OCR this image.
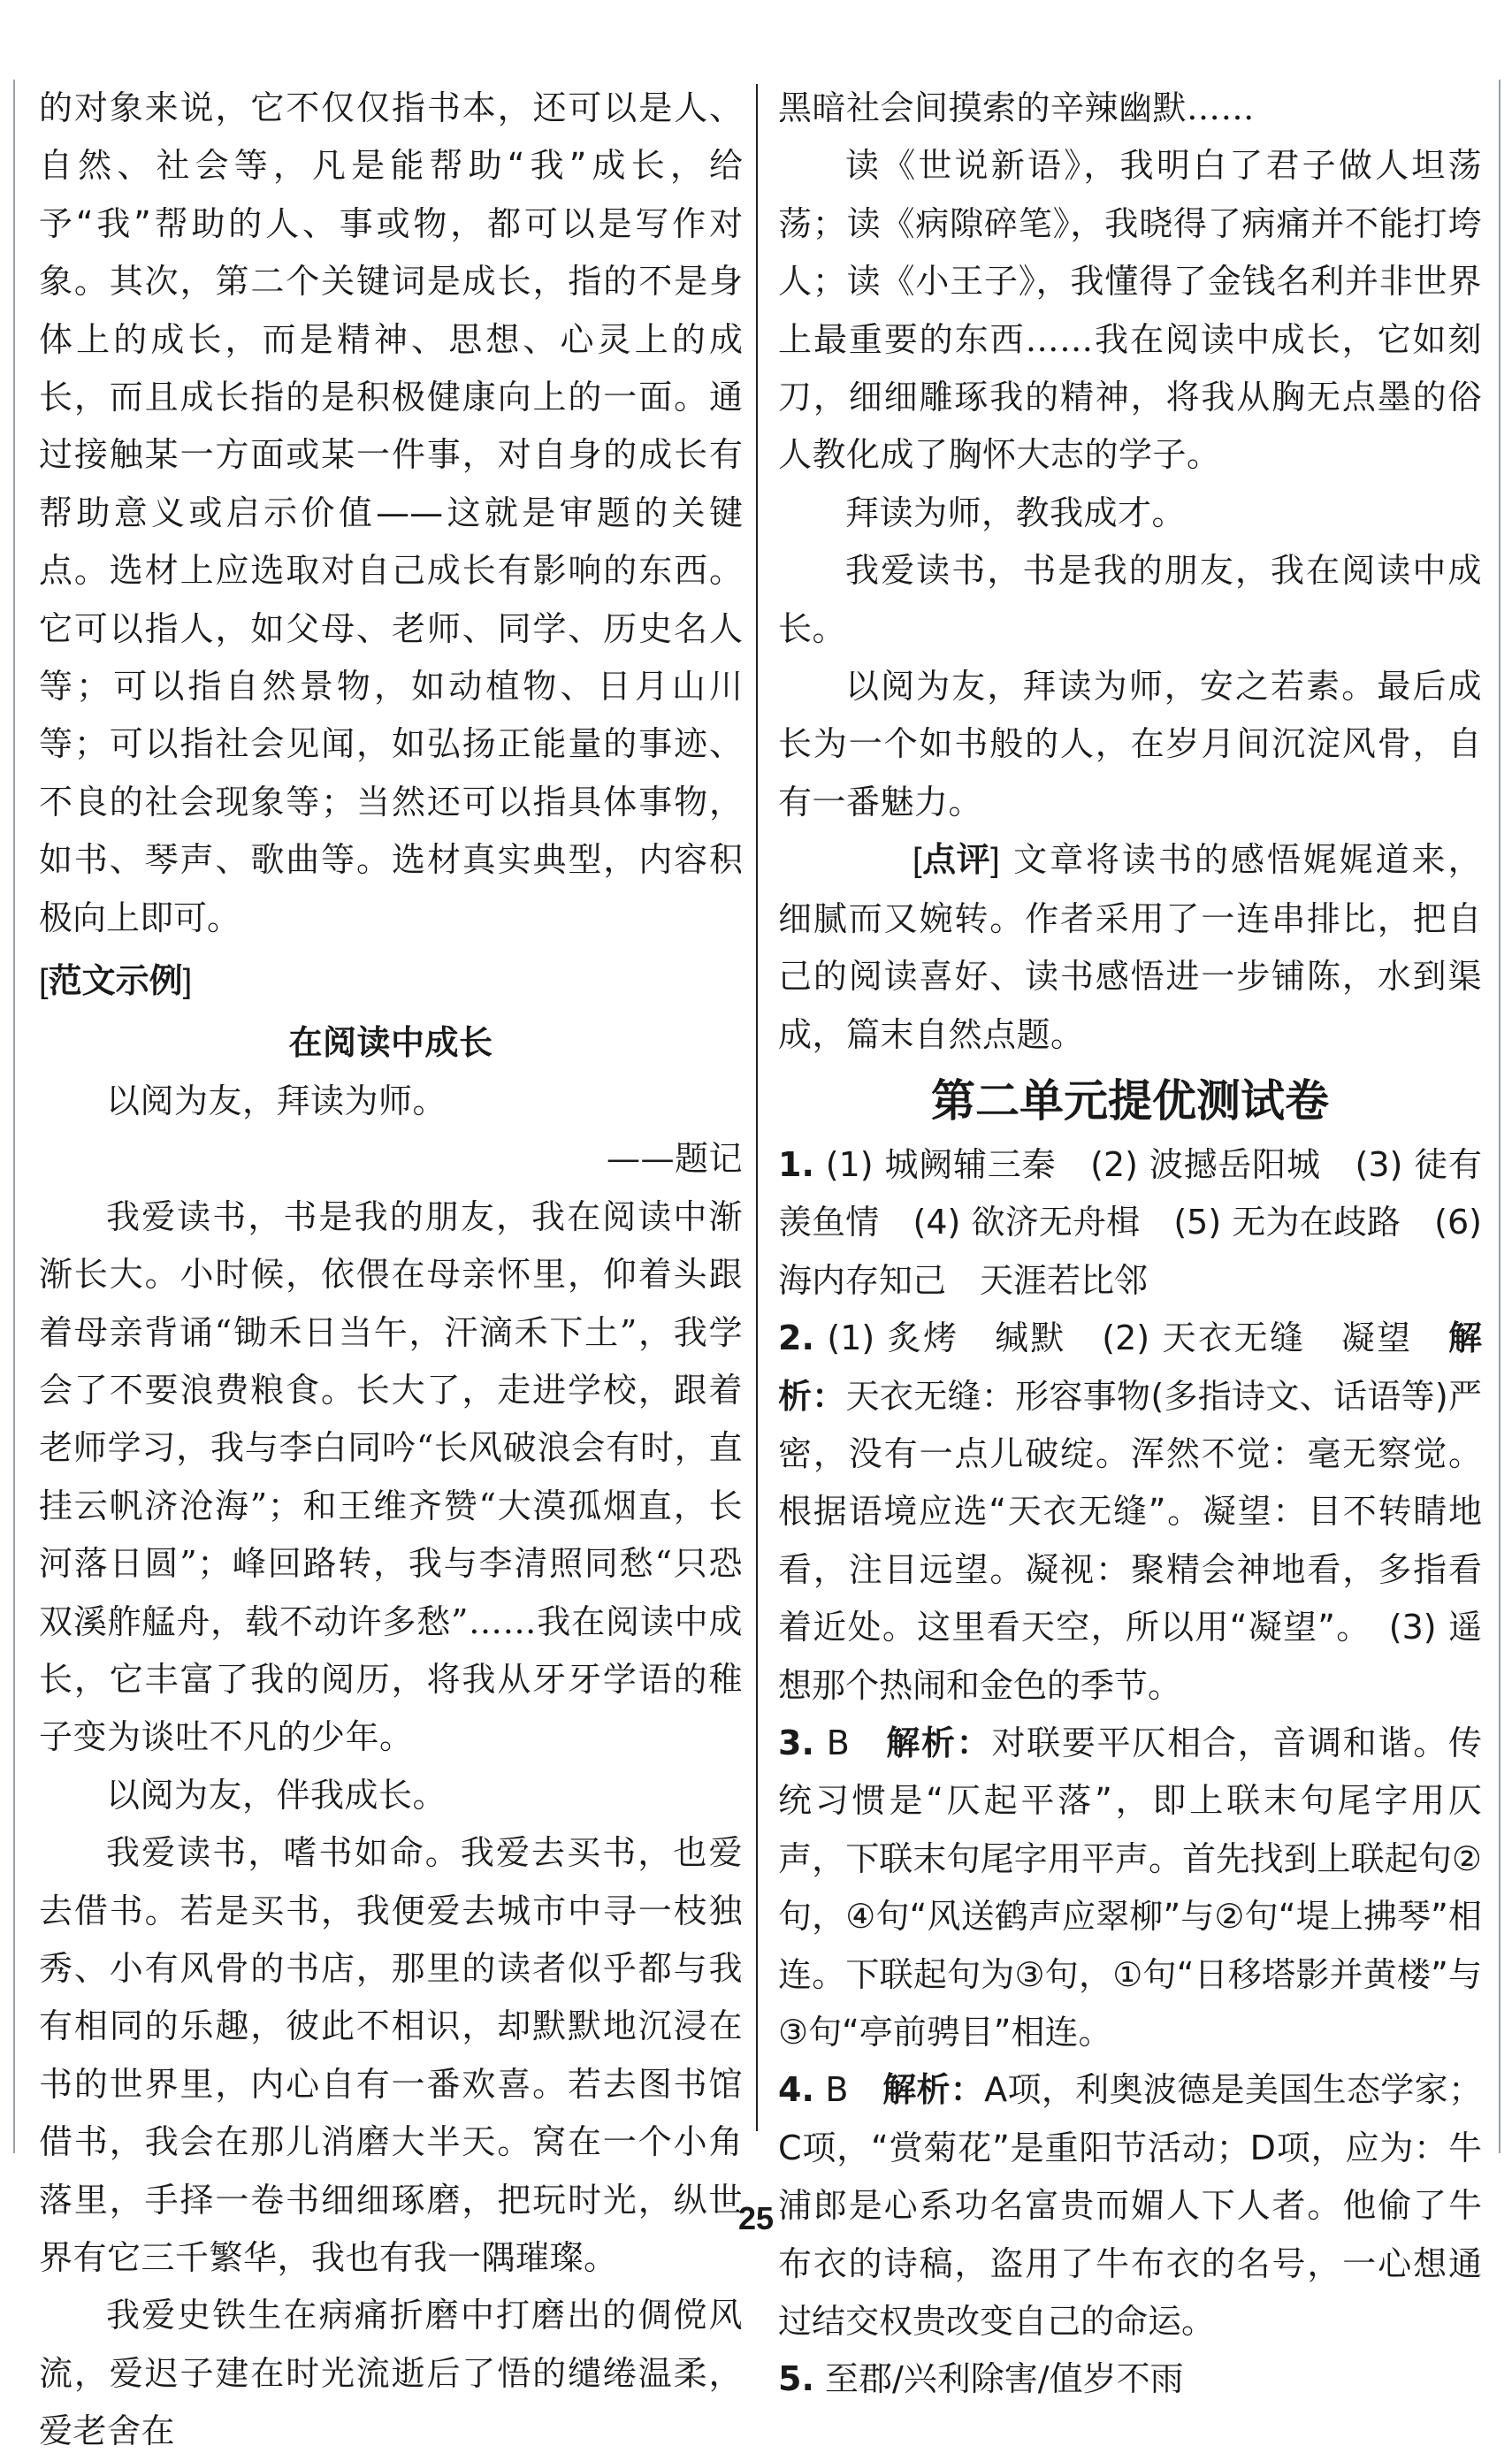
的对象来说，它不仅仅指书本，还可以是人、自然、社会等，凡是能帮助“我”成长，给予“我”帮助的人、事或物，都可以是写作对象。其次，第二个关键词是成长，指的不是身体上的成长，而是精神、思想、心灵上的成长，而且成长指的是积极健康向上的一面。通过接触某一方面或某一件事，对自身的成长有帮助意义或启示价值——这就是审题的关键点。选材上应选取对自己成长有影响的东西。它可以指人，如父母、老师、同学、历史名人等；可以指自然景物，如动植物、日月山川等；可以指社会见闻，如弘扬正能量的事迹、不良的社会现象等；当然还可以指具体事物，如书、琴声、歌曲等。选材真实典型，内容积极向上即可。

[ 范文示例 ]

在阅读中成长

以阅为友，拜读为师。

——题记

我爱读书，书是我的朋友，我在阅读中渐渐长大。小时候，依偎在母亲怀里，仰着头跟着母亲背诵“锄禾日当午，汗滴禾下土”，我学会了不要浪费粮食。长大了，走进学校，跟着老师学习，我与李白同吟“长风破浪会有时，直挂云帆济沧海”；和王维齐赞“大漠孤烟直，长河落日圆”；峰回路转，我与李清照同愁“只恐双溪舴艋舟，载不动许多愁”……我在阅读中成长，它丰富了我的阅历，将我从牙牙学语的稚子变为谈吐不凡的少年。

以阅为友，伴我成长。

我爱读书，嗜书如命。我爱去买书，也爱去借书。若是买书，我便爱去城市中寻一枝独秀、小有风骨的书店，那里的读者似乎都与我有相同的乐趣，彼此不相识，却默默地沉浸在书的世界里，内心自有一番欢喜。若去图书馆借书，我会在那儿消磨大半天。窝在一个小角落里，手择一卷书细细琢磨，把玩时光，纵世界有它三千繁华，我也有我一隅璀璨。

我爱史铁生在病痛折磨中打磨出的倜傥风流，爱迟子建在时光流逝后了悟的缱绻温柔，爱老舍在

黑暗社会间摸索的辛辣幽默……

读《世说新语》，我明白了君子做人坦荡荡；读《病隙碎笔》，我晓得了病痛并不能打垮人；读《小王子》，我懂得了金钱名利并非世界上最重要的东西……我在阅读中成长，它如刻刀，细细雕琢我的精神，将我从胸无点墨的俗人教化成了胸怀大志的学子。

拜读为师，教我成才。

我爱读书，书是我的朋友，我在阅读中成长。

以阅为友，拜读为师，安之若素。最后成长为一个如书般的人，在岁月间沉淀风骨，自有一番魅力。

[ 点评 ] 文章将读书的感悟娓娓道来，细腻而又婉转。作者采用了一连串排比，把自己的阅读喜好、读书感悟进一步铺陈，水到渠成，篇末自然点题。

第二单元提优测试卷

1. (1) 城阙辅三秦　(2) 波撼岳阳城　(3) 徒有羡鱼情　(4) 欲济无舟楫　(5) 无为在歧路　(6) 海内存知己　天涯若比邻

2. (1) 炙烤　缄默　(2) 天衣无缝　凝望　解析：天衣无缝：形容事物(多指诗文、话语等)严密，没有一点儿破绽。浑然不觉：毫无察觉。根据语境应选“天衣无缝”。凝望：目不转睛地看，注目远望。凝视：聚精会神地看，多指看着近处。这里看天空，所以用“凝望”。　(3) 遥想那个热闹和金色的季节。

3. B　解析：对联要平仄相合，音调和谐。传统习惯是“仄起平落”，即上联末句尾字用仄声，下联末句尾字用平声。首先找到上联起句②句，④句“风送鹤声应翠柳”与②句“堤上拂琴”相连。下联起句为③句，①句“日移塔影并黄楼”与③句“亭前骋目”相连。

4. B　解析：A项，利奥波德是美国生态学家；C项，“赏菊花”是重阳节活动；D项，应为：牛浦郎是心系功名富贵而媚人下人者。他偷了牛布衣的诗稿，盗用了牛布衣的名号，一心想通过结交权贵改变自己的命运。

5. 至郡/兴利除害/值岁不雨

25
